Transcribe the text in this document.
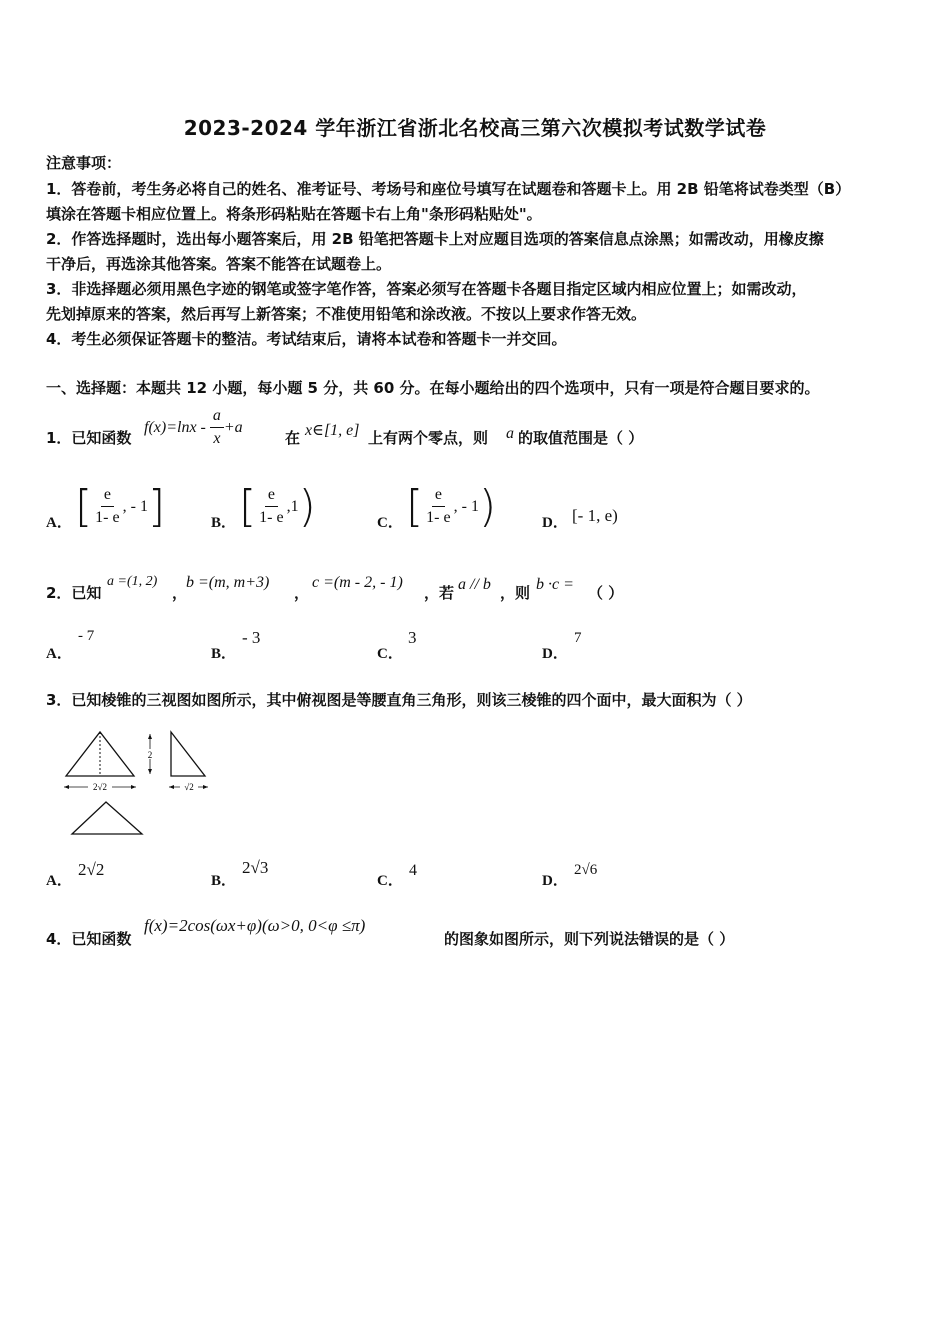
2023-2024 学年浙江省浙北名校高三第六次模拟考试数学试卷
注意事项：
1．答卷前，考生务必将自己的姓名、准考证号、考场号和座位号填写在试题卷和答题卡上。用 2B 铅笔将试卷类型（B）
填涂在答题卡相应位置上。将条形码粘贴在答题卡右上角"条形码粘贴处"。
2．作答选择题时，选出每小题答案后，用 2B 铅笔把答题卡上对应题目选项的答案信息点涂黑；如需改动，用橡皮擦
干净后，再选涂其他答案。答案不能答在试题卷上。
3．非选择题必须用黑色字迹的钢笔或签字笔作答，答案必须写在答题卡各题目指定区域内相应位置上；如需改动，
先划掉原来的答案，然后再写上新答案；不准使用铅笔和涂改液。不按以上要求作答无效。
4．考生必须保证答题卡的整洁。考试结束后，请将本试卷和答题卡一并交回。
一、选择题：本题共 12 小题，每小题 5 分，共 60 分。在每小题给出的四个选项中，只有一项是符合题目要求的。
1．已知函数
$f(x)=\ln x - \frac{a}{x} +a$
在 x∈[1, e] 上有两个零点，则 a 的取值范围是（ ）
A． [ $\frac{e}{1- e}$ , - 1 ]	B． [ $\frac{e}{1- e} ,1$ )	C． [ $\frac{e}{1- e}$ , - 1 )	D． [- 1, e)
2．已知
a =(1, 2)
，
b =(m, m+3)
，
c =(m - 2, - 1)
，若 a // b ，则 b ·c = （ ）
A．
- 7
B．
- 3
C．
3
D．
7
3．已知棱锥的三视图如图所示，其中俯视图是等腰直角三角形，则该三棱锥的四个面中，最大面积为（ ）
2√2
2
√2
A．
2√2
B．
2√3
C．
4
D．
2√6
4．已知函数
f(x)=2cos(ωx+φ)(ω>0, 0<φ ≤π)
的图象如图所示，则下列说法错误的是（ ）
